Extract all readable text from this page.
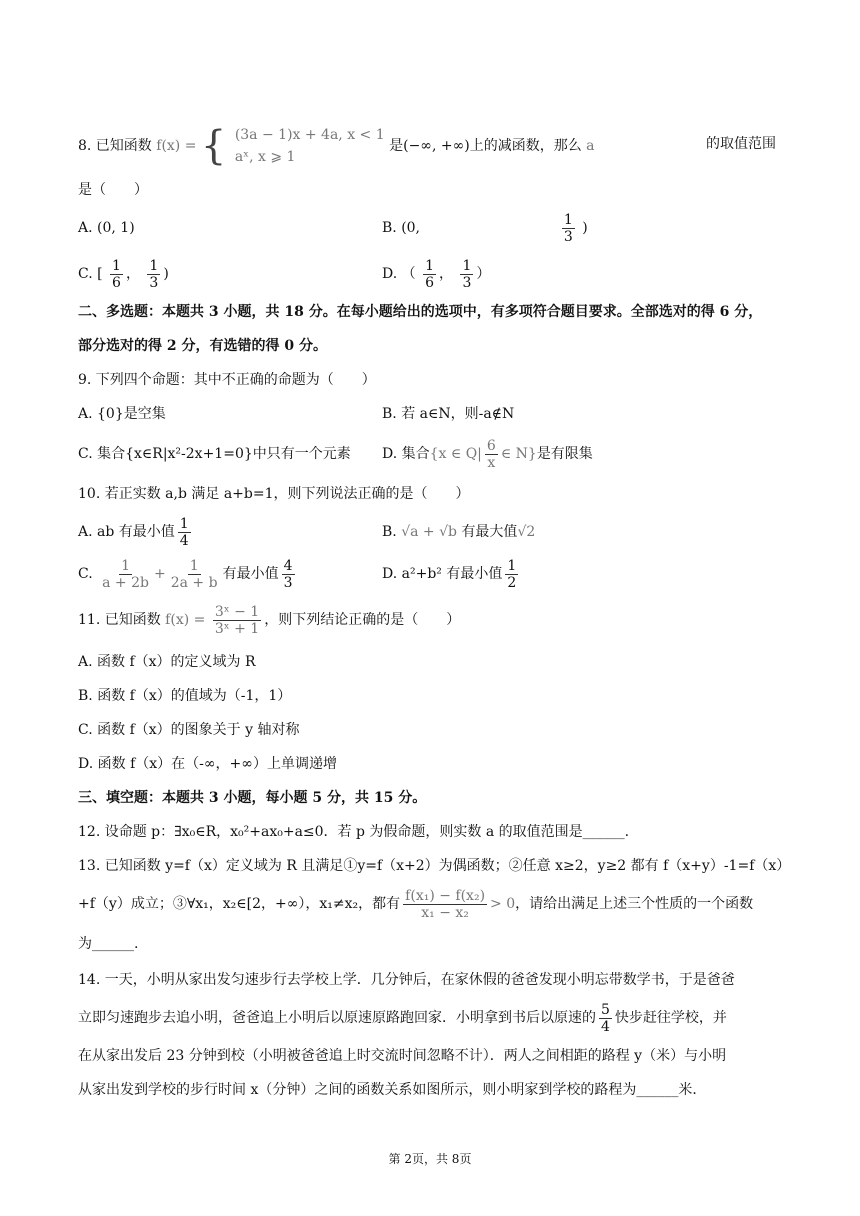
8. 已知函数 f(x) = { (3a − 1)x + 4a, x < 1
aˣ, x ⩾ 1
是(−∞, +∞)上的减函数，那么 a	的取值范围
是（　　）
A. (0, 1)	B. (0,	$\frac{1}{3}$ )
C. [ $\frac{1}{6}$ ， $\frac{1}{3}$ )	D. （ $\frac{1}{6}$ ， $\frac{1}{3}$ ）
二、多选题：本题共 3 小题，共 18 分。在每小题给出的选项中，有多项符合题目要求。全部选对的得 6 分，
部分选对的得 2 分，有选错的得 0 分。
9. 下列四个命题：其中不正确的命题为（　　）
A. {0}是空集	B. 若 a∈N，则-a∉N
C. 集合{x∈R|x²-2x+1=0}中只有一个元素 D. 集合{x ∈ $Q| \frac{6}{x}$ ∈ N}是有限集
10. 若正实数 a,b 满足 a+b=1，则下列说法正确的是（　　）
A. ab 有最小值 $\frac{1}{4}$	B. √a + √b 有最大值√2
C. $\frac{1}{a + 2b} + \frac{1}{2a + b}$ 有最小值 $\frac{4}{3}$	D. a²+b² 有最小值 $\frac{1}{2}$
11. 已知函数 $f(x) = \frac{\text{3ˣ − 1}}{\text{3ˣ + 1}}$ ，则下列结论正确的是（　　）
A. 函数 f（x）的定义域为 R
B. 函数 f（x）的值域为（-1，1）
C. 函数 f（x）的图象关于 y 轴对称
D. 函数 f（x）在（-∞，+∞）上单调递增
三、填空题：本题共 3 小题，每小题 5 分，共 15 分。
12. 设命题 p：∃x₀∈R，x₀²+ax₀+a≤0．若 p 为假命题，则实数 a 的取值范围是______.
13. 已知函数 y=f（x）定义域为 R 且满足①y=f（x+2）为偶函数；②任意 x≥2，y≥2 都有 f（x+y）-1=f（x）
+f（y）成立；③∀x₁，x₂∈[2，+∞），x₁≠x₂，都有 $\frac{\text{f(x₁) − f(x₂)}}{\text{x₁ − x₂}} > 0$，请给出满足上述三个性质的一个函数
为______.
14. 一天，小明从家出发匀速步行去学校上学．几分钟后，在家休假的爸爸发现小明忘带数学书，于是爸爸
立即匀速跑步去追小明，爸爸追上小明后以原速原路跑回家．小明拿到书后以原速的 $\frac{5}{4}$ 快步赶往学校，并
在从家出发后 23 分钟到校（小明被爸爸追上时交流时间忽略不计）．两人之间相距的路程 y（米）与小明
从家出发到学校的步行时间 x（分钟）之间的函数关系如图所示，则小明家到学校的路程为______米．
第 2页，共 8页
